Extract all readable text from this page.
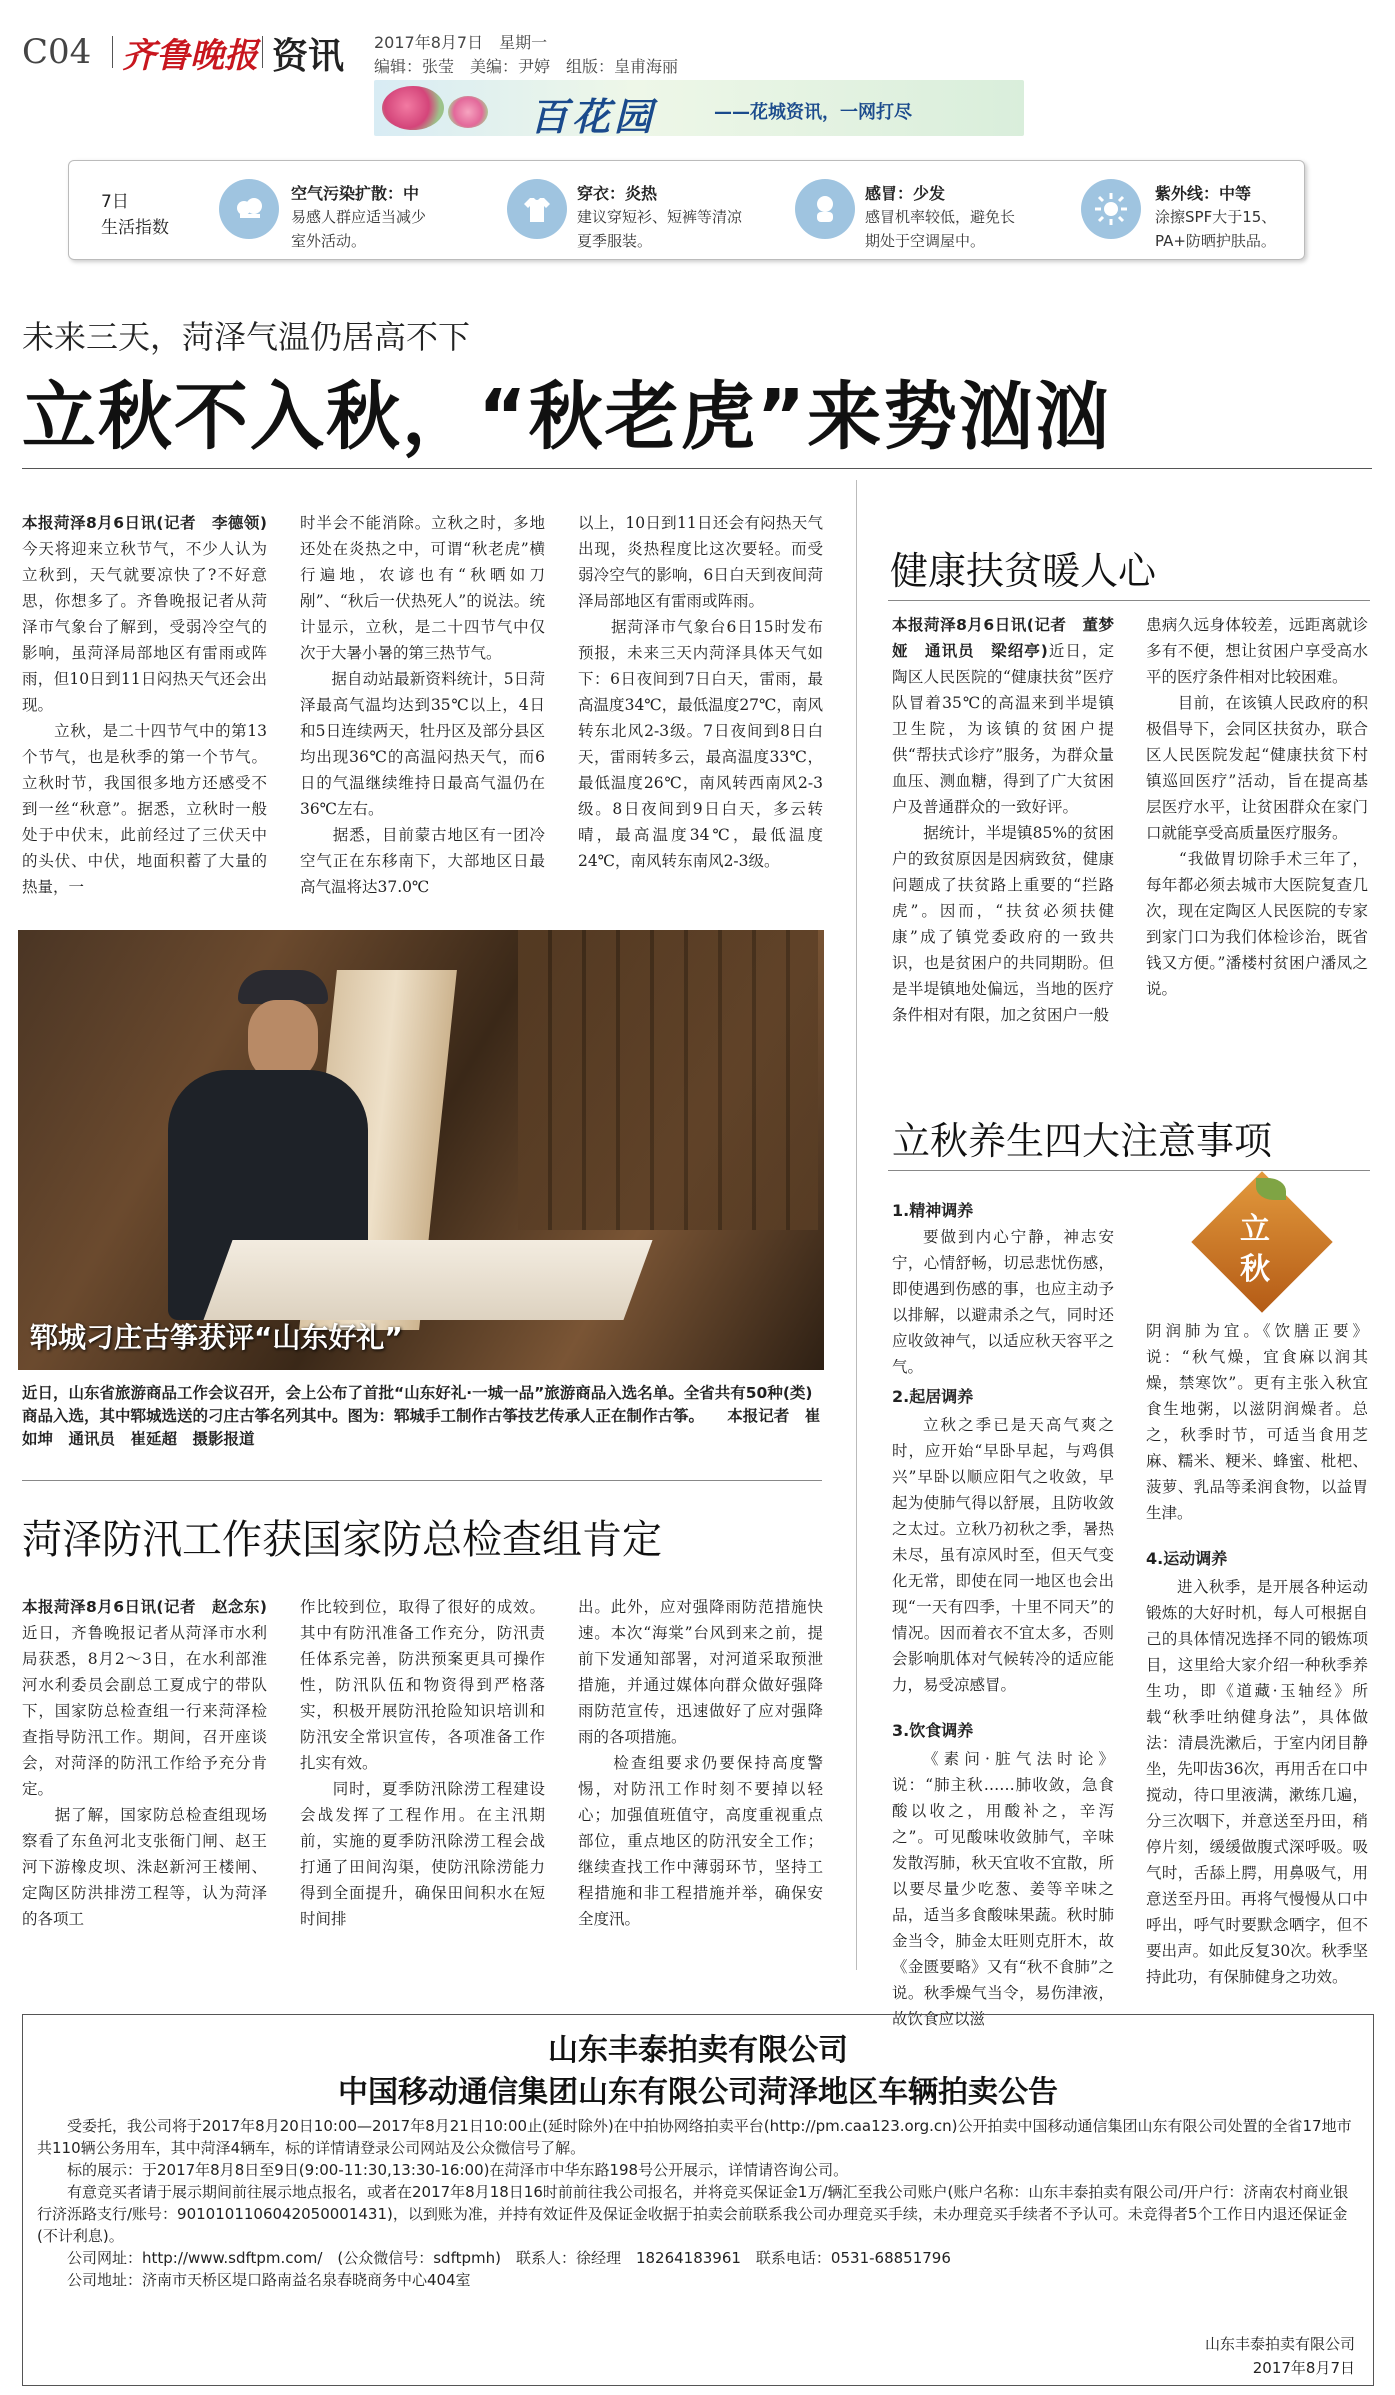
C04 齐鲁晚报 资讯 2017年8月7日　星期一
编辑：张莹　美编：尹婷　组版：皇甫海丽
百花园	——花城资讯，一网打尽
7日
生活指数
空气污染扩散：中
易感人群应适当减少室外活动。
穿衣：炎热
建议穿短衫、短裤等清凉夏季服装。
感冒：少发
感冒机率较低，避免长期处于空调屋中。
紫外线：中等
涂擦SPF大于15、PA+防晒护肤品。
未来三天，菏泽气温仍居高不下
立秋不入秋，“秋老虎”来势汹汹
本报菏泽8月6日讯(记者　李德领)今天将迎来立秋节气，不少人认为立秋到，天气就要凉快了?不好意思，你想多了。齐鲁晚报记者从菏泽市气象台了解到，受弱冷空气的影响，虽菏泽局部地区有雷雨或阵雨，但10日到11日闷热天气还会出现。
　　立秋，是二十四节气中的第13个节气，也是秋季的第一个节气。立秋时节，我国很多地方还感受不到一丝“秋意”。据悉，立秋时一般处于中伏末，此前经过了三伏天中的头伏、中伏，地面积蓄了大量的热量，一
时半会不能消除。立秋之时，多地还处在炎热之中，可谓“秋老虎”横行遍地，农谚也有“秋晒如刀剐”、“秋后一伏热死人”的说法。统计显示，立秋，是二十四节气中仅次于大暑小暑的第三热节气。
　　据自动站最新资料统计，5日菏泽最高气温均达到35℃以上，4日和5日连续两天，牡丹区及部分县区均出现36℃的高温闷热天气，而6日的气温继续维持日最高气温仍在36℃左右。
　　据悉，目前蒙古地区有一团冷空气正在东移南下，大部地区日最高气温将达37.0℃
以上，10日到11日还会有闷热天气出现，炎热程度比这次要轻。而受弱冷空气的影响，6日白天到夜间菏泽局部地区有雷雨或阵雨。
　　据菏泽市气象台6日15时发布预报，未来三天内菏泽具体天气如下：6日夜间到7日白天，雷雨，最高温度34℃，最低温度27℃，南风转东北风2-3级。7日夜间到8日白天，雷雨转多云，最高温度33℃，最低温度26℃，南风转西南风2-3级。8日夜间到9日白天，多云转晴，最高温度34℃，最低温度24℃，南风转东南风2-3级。
郓城刁庄古筝获评“山东好礼”
近日，山东省旅游商品工作会议召开，会上公布了首批“山东好礼·一城一品”旅游商品入选名单。全省共有50种(类)商品入选，其中郓城选送的刁庄古筝名列其中。图为：郓城手工制作古筝技艺传承人正在制作古筝。　　本报记者　崔如坤　通讯员　崔延超　摄影报道
菏泽防汛工作获国家防总检查组肯定
本报菏泽8月6日讯(记者　赵念东)近日，齐鲁晚报记者从菏泽市水利局获悉，8月2～3日，在水利部淮河水利委员会副总工夏成宁的带队下，国家防总检查组一行来菏泽检查指导防汛工作。期间，召开座谈会，对菏泽的防汛工作给予充分肯定。
　　据了解，国家防总检查组现场察看了东鱼河北支张衙门闸、赵王河下游橡皮坝、洙赵新河王楼闸、定陶区防洪排涝工程等，认为菏泽的各项工
作比较到位，取得了很好的成效。其中有防汛准备工作充分，防汛责任体系完善，防洪预案更具可操作性，防汛队伍和物资得到严格落实，积极开展防汛抢险知识培训和防汛安全常识宣传，各项准备工作扎实有效。
　　同时，夏季防汛除涝工程建设会战发挥了工程作用。在主汛期前，实施的夏季防汛除涝工程会战打通了田间沟渠，使防汛除涝能力得到全面提升，确保田间积水在短时间排
出。此外，应对强降雨防范措施快速。本次“海棠”台风到来之前，提前下发通知部署，对河道采取预泄措施，并通过媒体向群众做好强降雨防范宣传，迅速做好了应对强降雨的各项措施。
　　检查组要求仍要保持高度警惕，对防汛工作时刻不要掉以轻心；加强值班值守，高度重视重点部位，重点地区的防汛安全工作；继续查找工作中薄弱环节，坚持工程措施和非工程措施并举，确保安全度汛。
健康扶贫暖人心
本报菏泽8月6日讯(记者　董梦娅　通讯员　梁绍亭)近日，定陶区人民医院的“健康扶贫”医疗队冒着35℃的高温来到半堤镇卫生院，为该镇的贫困户提供“帮扶式诊疗”服务，为群众量血压、测血糖，得到了广大贫困户及普通群众的一致好评。
　　据统计，半堤镇85%的贫困户的致贫原因是因病致贫，健康问题成了扶贫路上重要的“拦路虎”。因而，“扶贫必须扶健康”成了镇党委政府的一致共识，也是贫困户的共同期盼。但是半堤镇地处偏远，当地的医疗条件相对有限，加之贫困户一般
患病久远身体较差，远距离就诊多有不便，想让贫困户享受高水平的医疗条件相对比较困难。
　　目前，在该镇人民政府的积极倡导下，会同区扶贫办，联合区人民医院发起“健康扶贫下村镇巡回医疗”活动，旨在提高基层医疗水平，让贫困群众在家门口就能享受高质量医疗服务。
　　“我做胃切除手术三年了，每年都必须去城市大医院复查几次，现在定陶区人民医院的专家到家门口为我们体检诊治，既省钱又方便。”潘楼村贫困户潘凤之说。
立秋养生四大注意事项
1.精神调养
要做到内心宁静，神志安宁，心情舒畅，切忌悲忧伤感，即使遇到伤感的事，也应主动予以排解，以避肃杀之气，同时还应收敛神气，以适应秋天容平之气。
2.起居调养
立秋之季已是天高气爽之时，应开始“早卧早起，与鸡俱兴”早卧以顺应阳气之收敛，早起为使肺气得以舒展，且防收敛之太过。立秋乃初秋之季，暑热未尽，虽有凉风时至，但天气变化无常，即使在同一地区也会出现“一天有四季，十里不同天”的情况。因而着衣不宜太多，否则会影响肌体对气候转冷的适应能力，易受凉感冒。
3.饮食调养
《素问·脏气法时论》说：“肺主秋……肺收敛，急食酸以收之，用酸补之，辛泻之”。可见酸味收敛肺气，辛味发散泻肺，秋天宜收不宜散，所以要尽量少吃葱、姜等辛味之品，适当多食酸味果蔬。秋时肺金当令，肺金太旺则克肝木，故《金匮要略》又有“秋不食肺”之说。秋季燥气当令，易伤津液，故饮食应以滋
立
秋
阴润肺为宜。《饮膳正要》说：“秋气燥，宜食麻以润其燥，禁寒饮”。更有主张入秋宜食生地粥，以滋阴润燥者。总之，秋季时节，可适当食用芝麻、糯米、粳米、蜂蜜、枇杷、菠萝、乳品等柔润食物，以益胃生津。
4.运动调养
进入秋季，是开展各种运动锻炼的大好时机，每人可根据自己的具体情况选择不同的锻炼项目，这里给大家介绍一种秋季养生功，即《道藏·玉轴经》所载“秋季吐纳健身法”，具体做法：清晨洗漱后，于室内闭目静坐，先叩齿36次，再用舌在口中搅动，待口里液满，漱练几遍，分三次咽下，并意送至丹田，稍停片刻，缓缓做腹式深呼吸。吸气时，舌舔上腭，用鼻吸气，用意送至丹田。再将气慢慢从口中呼出，呼气时要默念哂字，但不要出声。如此反复30次。秋季坚持此功，有保肺健身之功效。
山东丰泰拍卖有限公司
中国移动通信集团山东有限公司菏泽地区车辆拍卖公告
　　受委托，我公司将于2017年8月20日10:00—2017年8月21日10:00止(延时除外)在中拍协网络拍卖平台(http://pm.caa123.org.cn)公开拍卖中国移动通信集团山东有限公司处置的全省17地市共110辆公务用车，其中菏泽4辆车，标的详情请登录公司网站及公众微信号了解。
　　标的展示：于2017年8月8日至9日(9:00-11:30,13:30-16:00)在菏泽市中华东路198号公开展示，详情请咨询公司。
　　有意竞买者请于展示期间前往展示地点报名，或者在2017年8月18日16时前前往我公司报名，并将竞买保证金1万/辆汇至我公司账户(账户名称：山东丰泰拍卖有限公司/开户行：济南农村商业银行济泺路支行/账号：9010101106042050001431)，以到账为准，并持有效证件及保证金收据于拍卖会前联系我公司办理竞买手续，未办理竞买手续者不予认可。未竞得者5个工作日内退还保证金(不计利息)。
　　公司网址：http://www.sdftpm.com/　(公众微信号：sdftpmh)　联系人：徐经理　18264183961　联系电话：0531-68851796
　　公司地址：济南市天桥区堤口路南益名泉春晓商务中心404室
山东丰泰拍卖有限公司
2017年8月7日
